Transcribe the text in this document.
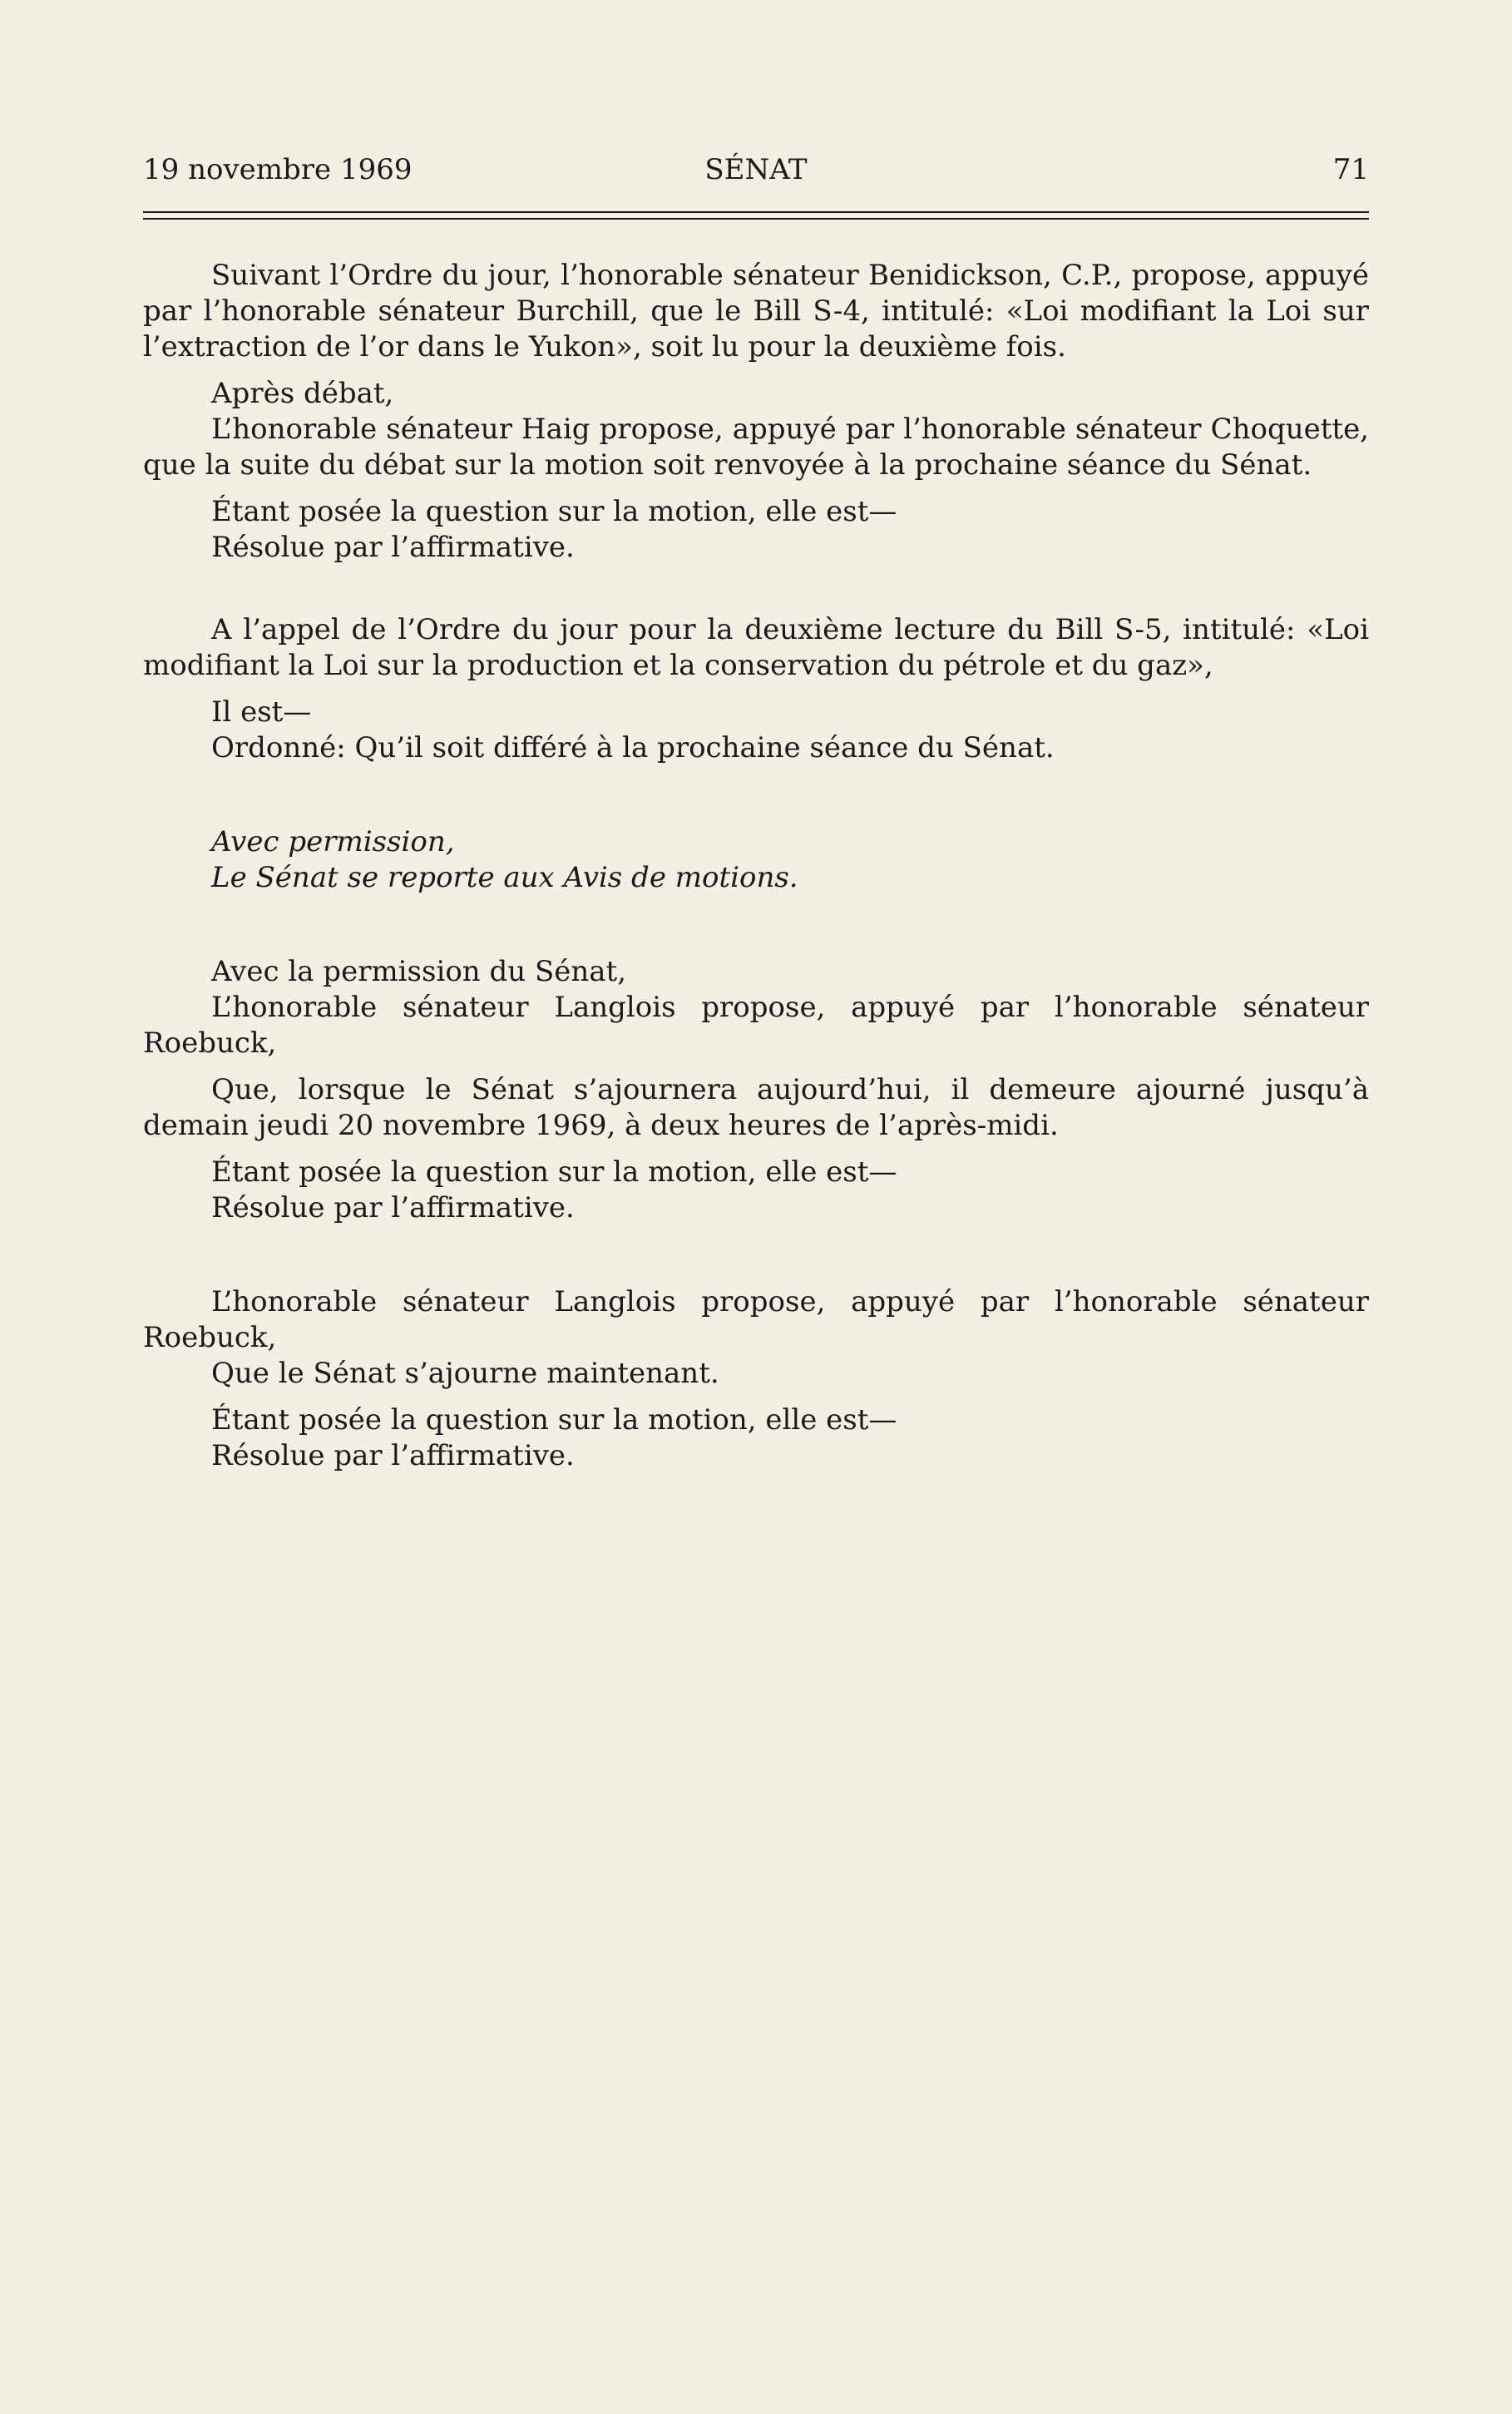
19 novembre 1969	SÉNAT	71

Suivant l’Ordre du jour, l’honorable sénateur Benidickson, C.P., propose, appuyé par l’honorable sénateur Burchill, que le Bill S-4, intitulé: «Loi modifiant la Loi sur l’extraction de l’or dans le Yukon», soit lu pour la deuxième fois.

Après débat,

L’honorable sénateur Haig propose, appuyé par l’honorable sénateur Choquette, que la suite du débat sur la motion soit renvoyée à la prochaine séance du Sénat.

Étant posée la question sur la motion, elle est—

Résolue par l’affirmative.

A l’appel de l’Ordre du jour pour la deuxième lecture du Bill S-5, intitulé: «Loi modifiant la Loi sur la production et la conservation du pétrole et du gaz»,

Il est—

Ordonné: Qu’il soit différé à la prochaine séance du Sénat.

Avec permission,

Le Sénat se reporte aux Avis de motions.

Avec la permission du Sénat,

L’honorable sénateur Langlois propose, appuyé par l’honorable sénateur Roebuck,

Que, lorsque le Sénat s’ajournera aujourd’hui, il demeure ajourné jusqu’à demain jeudi 20 novembre 1969, à deux heures de l’après-midi.

Étant posée la question sur la motion, elle est—

Résolue par l’affirmative.

L’honorable sénateur Langlois propose, appuyé par l’honorable sénateur Roebuck,

Que le Sénat s’ajourne maintenant.

Étant posée la question sur la motion, elle est—

Résolue par l’affirmative.
